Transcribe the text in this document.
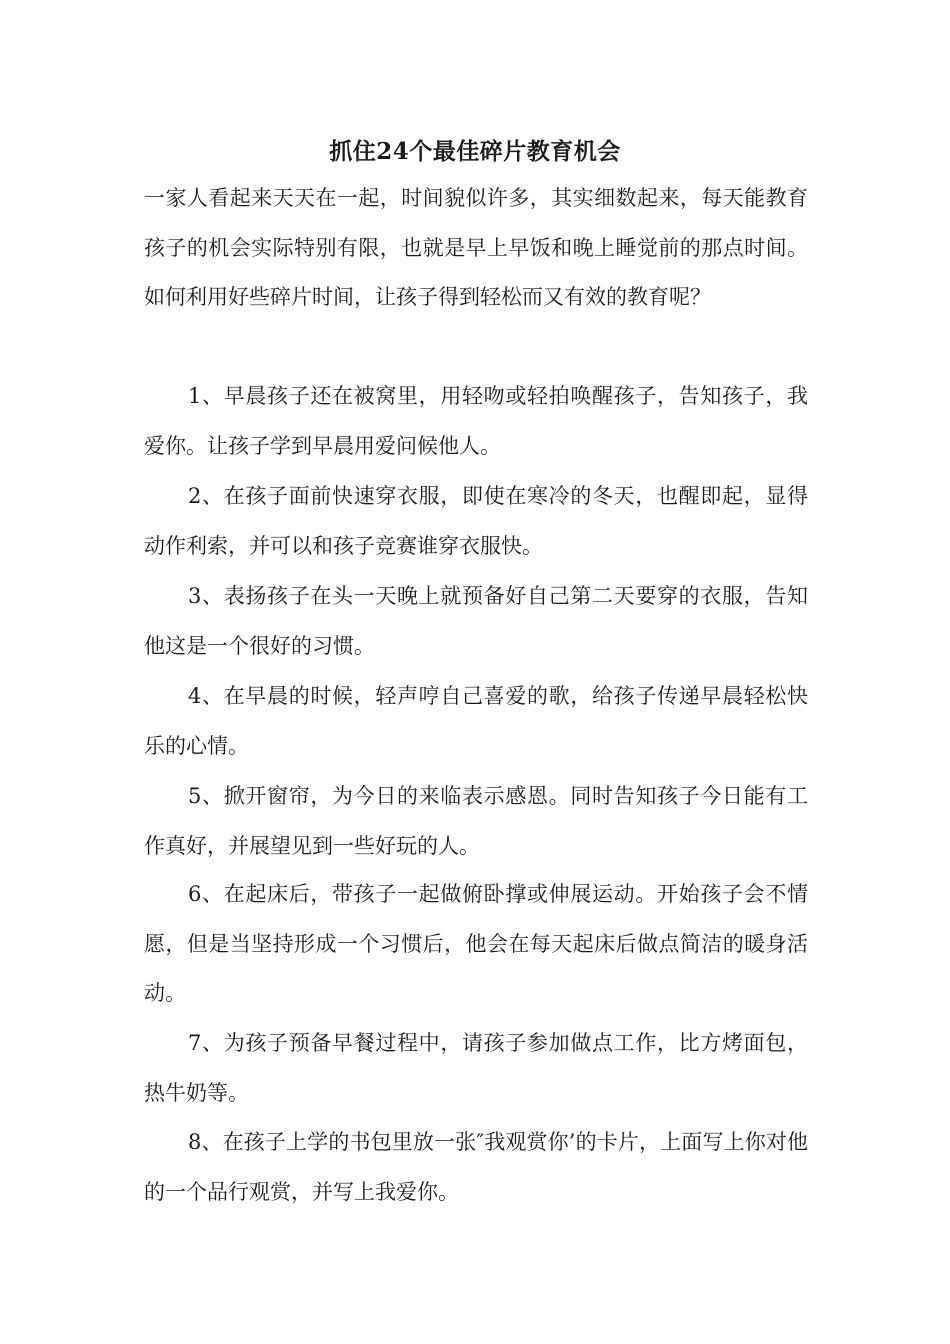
抓住24个最佳碎片教育机会

一家人看起来天天在一起，时间貌似许多，其实细数起来，每天能教育孩子的机会实际特别有限，也就是早上早饭和晚上睡觉前的那点时间。如何利用好些碎片时间，让孩子得到轻松而又有效的教育呢？

1、早晨孩子还在被窝里，用轻吻或轻拍唤醒孩子，告知孩子，我爱你。让孩子学到早晨用爱问候他人。

2、在孩子面前快速穿衣服，即使在寒冷的冬天，也醒即起，显得动作利索，并可以和孩子竞赛谁穿衣服快。

3、表扬孩子在头一天晚上就预备好自己第二天要穿的衣服，告知他这是一个很好的习惯。

4、在早晨的时候，轻声哼自己喜爱的歌，给孩子传递早晨轻松快乐的心情。

5、掀开窗帘，为今日的来临表示感恩。同时告知孩子今日能有工作真好，并展望见到一些好玩的人。

6、在起床后，带孩子一起做俯卧撑或伸展运动。开始孩子会不情愿，但是当坚持形成一个习惯后，他会在每天起床后做点简洁的暖身活动。

7、为孩子预备早餐过程中，请孩子参加做点工作，比方烤面包，热牛奶等。

8、在孩子上学的书包里放一张″我观赏你’的卡片，上面写上你对他的一个品行观赏，并写上我爱你。
